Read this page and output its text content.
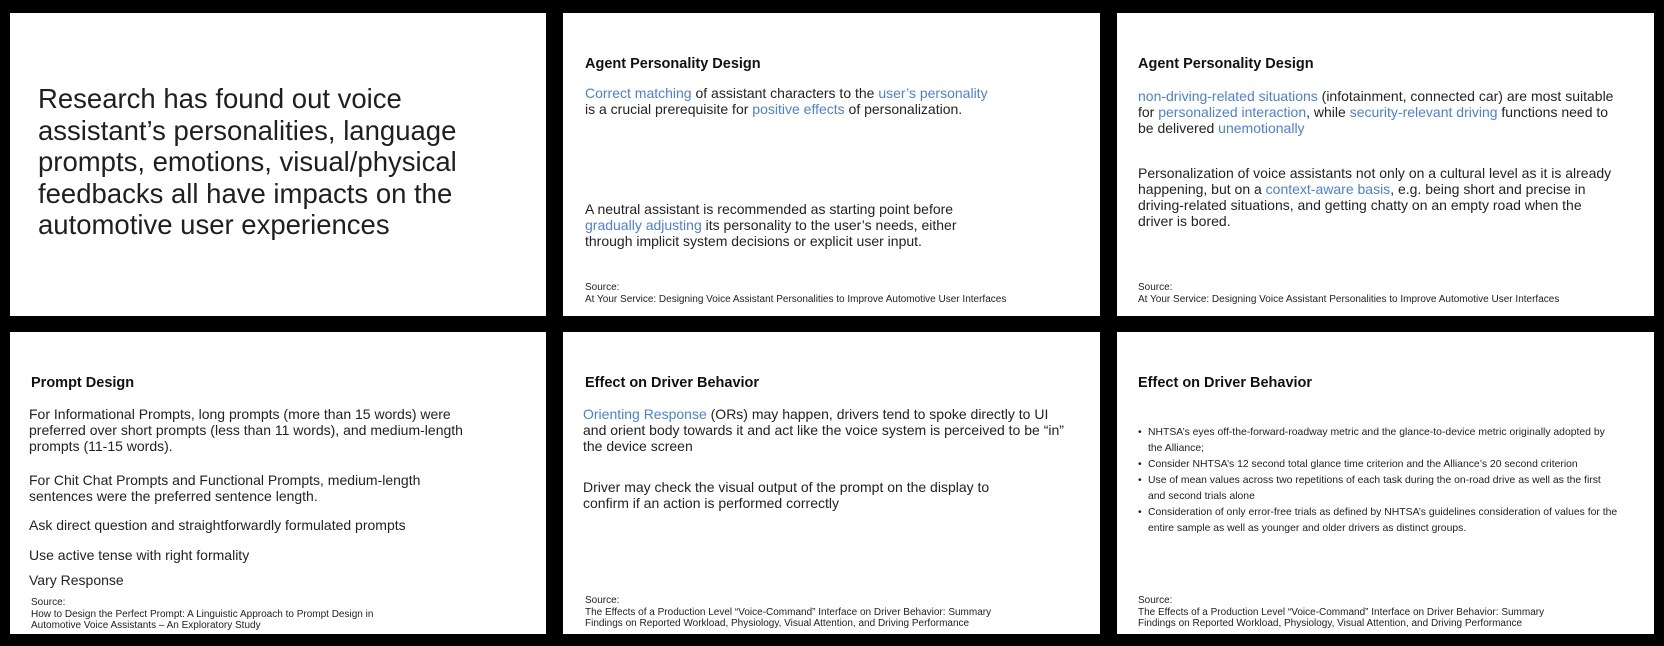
Research has found out voice assistant’s personalities, language prompts, emotions, visual/physical feedbacks all have impacts on the automotive user experiences
Agent Personality Design
Correct matching of assistant characters to the user’s personality
is a crucial prerequisite for positive effects of personalization.
A neutral assistant is recommended as starting point before gradually adjusting its personality to the user’s needs, either through implicit system decisions or explicit user input.
Source:
At Your Service: Designing Voice Assistant Personalities to Improve Automotive User Interfaces
Agent Personality Design
non-driving-related situations (infotainment, connected car) are most suitable for personalized interaction, while security-relevant driving functions need to be delivered unemotionally
Personalization of voice assistants not only on a cultural level as it is already happening, but on a context-aware basis, e.g. being short and precise in driving-related situations, and getting chatty on an empty road when the driver is bored.
Source:
At Your Service: Designing Voice Assistant Personalities to Improve Automotive User Interfaces
Prompt Design
For Informational Prompts, long prompts (more than 15 words) were preferred over short prompts (less than 11 words), and medium-length prompts (11-15 words).
For Chit Chat Prompts and Functional Prompts, medium-length sentences were the preferred sentence length.
Ask direct question and straightforwardly formulated prompts
Use active tense with right formality
Vary Response
Source:
How to Design the Perfect Prompt: A Linguistic Approach to Prompt Design in
Automotive Voice Assistants – An Exploratory Study
Effect on Driver Behavior
Orienting Response (ORs) may happen, drivers tend to spoke directly to UI and orient body towards it and act like the voice system is perceived to be “in” the device screen
Driver may check the visual output of the prompt on the display to confirm if an action is performed correctly
Source:
The Effects of a Production Level “Voice-Command” Interface on Driver Behavior: Summary
Findings on Reported Workload, Physiology, Visual Attention, and Driving Performance
Effect on Driver Behavior
• NHTSA’s eyes off-the-forward-roadway metric and the glance-to-device metric originally adopted by the Alliance;
• Consider NHTSA’s 12 second total glance time criterion and the Alliance’s 20 second criterion
• Use of mean values across two repetitions of each task during the on-road drive as well as the first and second trials alone
• Consideration of only error-free trials as defined by NHTSA’s guidelines consideration of values for the entire sample as well as younger and older drivers as distinct groups.
Source:
The Effects of a Production Level “Voice-Command” Interface on Driver Behavior: Summary
Findings on Reported Workload, Physiology, Visual Attention, and Driving Performance
